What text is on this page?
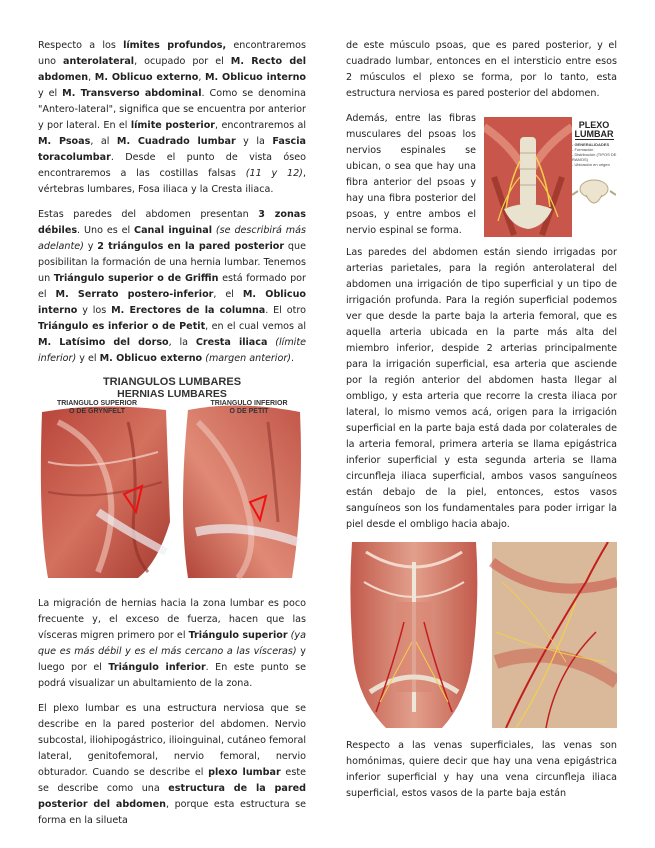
Respecto a los límites profundos, encontraremos uno anterolateral, ocupado por el M. Recto del abdomen, M. Oblicuo externo, M. Oblicuo interno y el M. Transverso abdominal. Como se denomina "Antero-lateral", significa que se encuentra por anterior y por lateral. En el límite posterior, encontraremos al M. Psoas, al M. Cuadrado lumbar y la Fascia toracolumbar. Desde el punto de vista óseo encontraremos a las costillas falsas (11 y 12), vértebras lumbares, Fosa iliaca y la Cresta iliaca.

Estas paredes del abdomen presentan 3 zonas débiles. Uno es el Canal inguinal (se describirá más adelante) y 2 triángulos en la pared posterior que posibilitan la formación de una hernia lumbar. Tenemos un Triángulo superior o de Griffin está formado por el M. Serrato postero-inferior, el M. Oblicuo interno y los M. Erectores de la columna. El otro Triángulo es inferior o de Petit, en el cual vemos al M. Latísimo del dorso, la Cresta iliaca (límite inferior) y el M. Oblicuo externo (margen anterior).

TRIANGULOS LUMBARES
HERNIAS LUMBARES
TRIANGULO SUPERIOR
O DE GRYNFELT
TRIANGULO INFERIOR
O DE PETIT

La migración de hernias hacia la zona lumbar es poco frecuente y, el exceso de fuerza, hacen que las vísceras migren primero por el Triángulo superior (ya que es más débil y es el más cercano a las vísceras) y luego por el Triángulo inferior. En este punto se podrá visualizar un abultamiento de la zona.

El plexo lumbar es una estructura nerviosa que se describe en la pared posterior del abdomen. Nervio subcostal, iliohipogástrico, ilioinguinal, cutáneo femoral lateral, genitofemoral, nervio femoral, nervio obturador. Cuando se describe el plexo lumbar este se describe como una estructura de la pared posterior del abdomen, porque esta estructura se forma en la silueta

de este músculo psoas, que es pared posterior, y el cuadrado lumbar, entonces en el intersticio entre esos 2 músculos el plexo se forma, por lo tanto, esta estructura nerviosa es pared posterior del abdomen.

Además, entre las fibras musculares del psoas los nervios espinales se ubican, o sea que hay una fibra anterior del psoas y hay una fibra posterior del psoas, y entre ambos el nervio espinal se forma.

PLEXO
LUMBAR
- GENERALIDADES
- Formación
- Distribución (TIPOS DE RAMOS)
- Ubicación en origen

Las paredes del abdomen están siendo irrigadas por arterias parietales, para la región anterolateral del abdomen una irrigación de tipo superficial y un tipo de irrigación profunda. Para la región superficial podemos ver que desde la parte baja la arteria femoral, que es aquella arteria ubicada en la parte más alta del miembro inferior, despide 2 arterias principalmente para la irrigación superficial, esa arteria que asciende por la región anterior del abdomen hasta llegar al ombligo, y esta arteria que recorre la cresta iliaca por lateral, lo mismo vemos acá, origen para la irrigación superficial en la parte baja está dada por colaterales de la arteria femoral, primera arteria se llama epigástrica inferior superficial y esta segunda arteria se llama circunfleja iliaca superficial, ambos vasos sanguíneos están debajo de la piel, entonces, estos vasos sanguíneos son los fundamentales para poder irrigar la piel desde el ombligo hacia abajo.

Respecto a las venas superficiales, las venas son homónimas, quiere decir que hay una vena epigástrica inferior superficial y hay una vena circunfleja iliaca superficial, estos vasos de la parte baja están
